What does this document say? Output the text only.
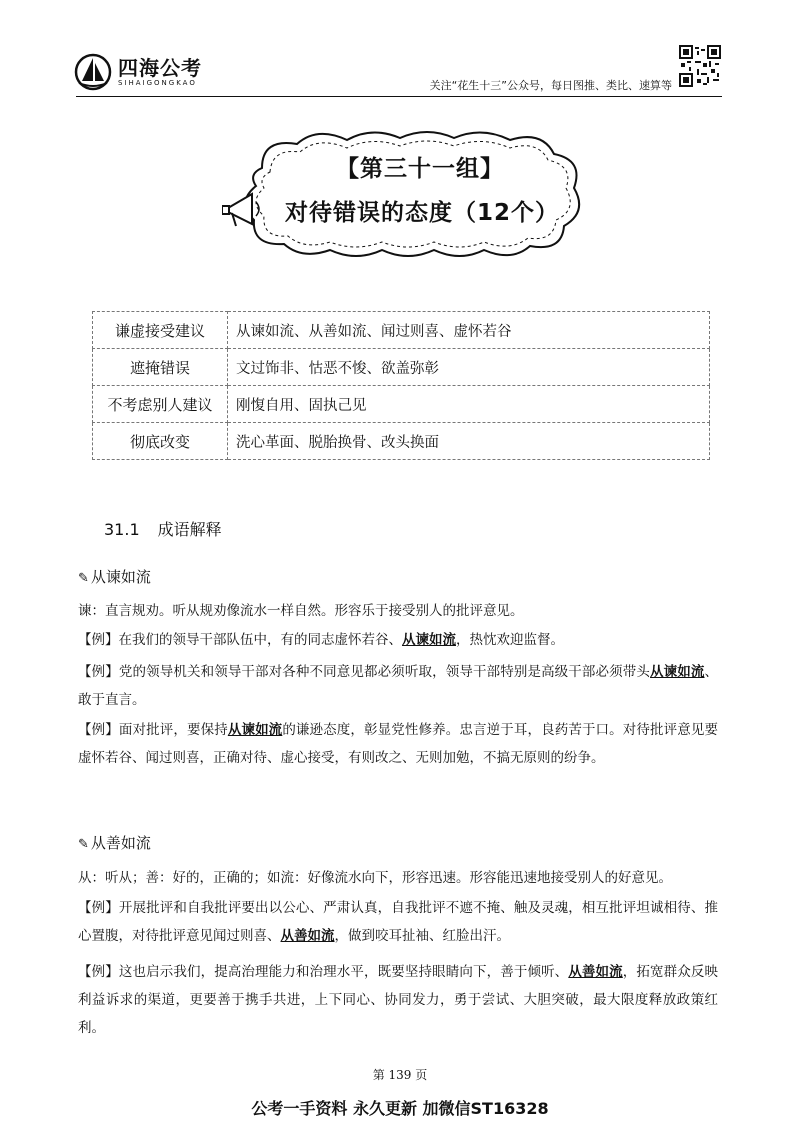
四海公考
SIHAIGONGKAO	关注“花生十三”公众号，每日图推、类比、速算等
【第三十一组】
对待错误的态度（12个）
谦虚接受建议	从谏如流、从善如流、闻过则喜、虚怀若谷
遮掩错误	文过饰非、怙恶不悛、欲盖弥彰
不考虑别人建议	刚愎自用、固执己见
彻底改变	洗心革面、脱胎换骨、改头换面
31.1 成语解释
✎ 从谏如流
谏：直言规劝。听从规劝像流水一样自然。形容乐于接受别人的批评意见。
【例】在我们的领导干部队伍中，有的同志虚怀若谷、从谏如流，热忱欢迎监督。
【例】党的领导机关和领导干部对各种不同意见都必须听取，领导干部特别是高级干部必须带头从谏如流、敢于直言。
【例】面对批评，要保持从谏如流的谦逊态度，彰显党性修养。忠言逆于耳，良药苦于口。对待批评意见要虚怀若谷、闻过则喜，正确对待、虚心接受，有则改之、无则加勉，不搞无原则的纷争。
✎ 从善如流
从：听从；善：好的，正确的；如流：好像流水向下，形容迅速。形容能迅速地接受别人的好意见。
【例】开展批评和自我批评要出以公心、严肃认真，自我批评不遮不掩、触及灵魂，相互批评坦诚相待、推心置腹，对待批评意见闻过则喜、从善如流，做到咬耳扯袖、红脸出汗。
【例】这也启示我们，提高治理能力和治理水平，既要坚持眼睛向下，善于倾听、从善如流，拓宽群众反映利益诉求的渠道，更要善于携手共进，上下同心、协同发力，勇于尝试、大胆突破，最大限度释放政策红利。
第 139 页
公考一手资料 永久更新 加微信ST16328
